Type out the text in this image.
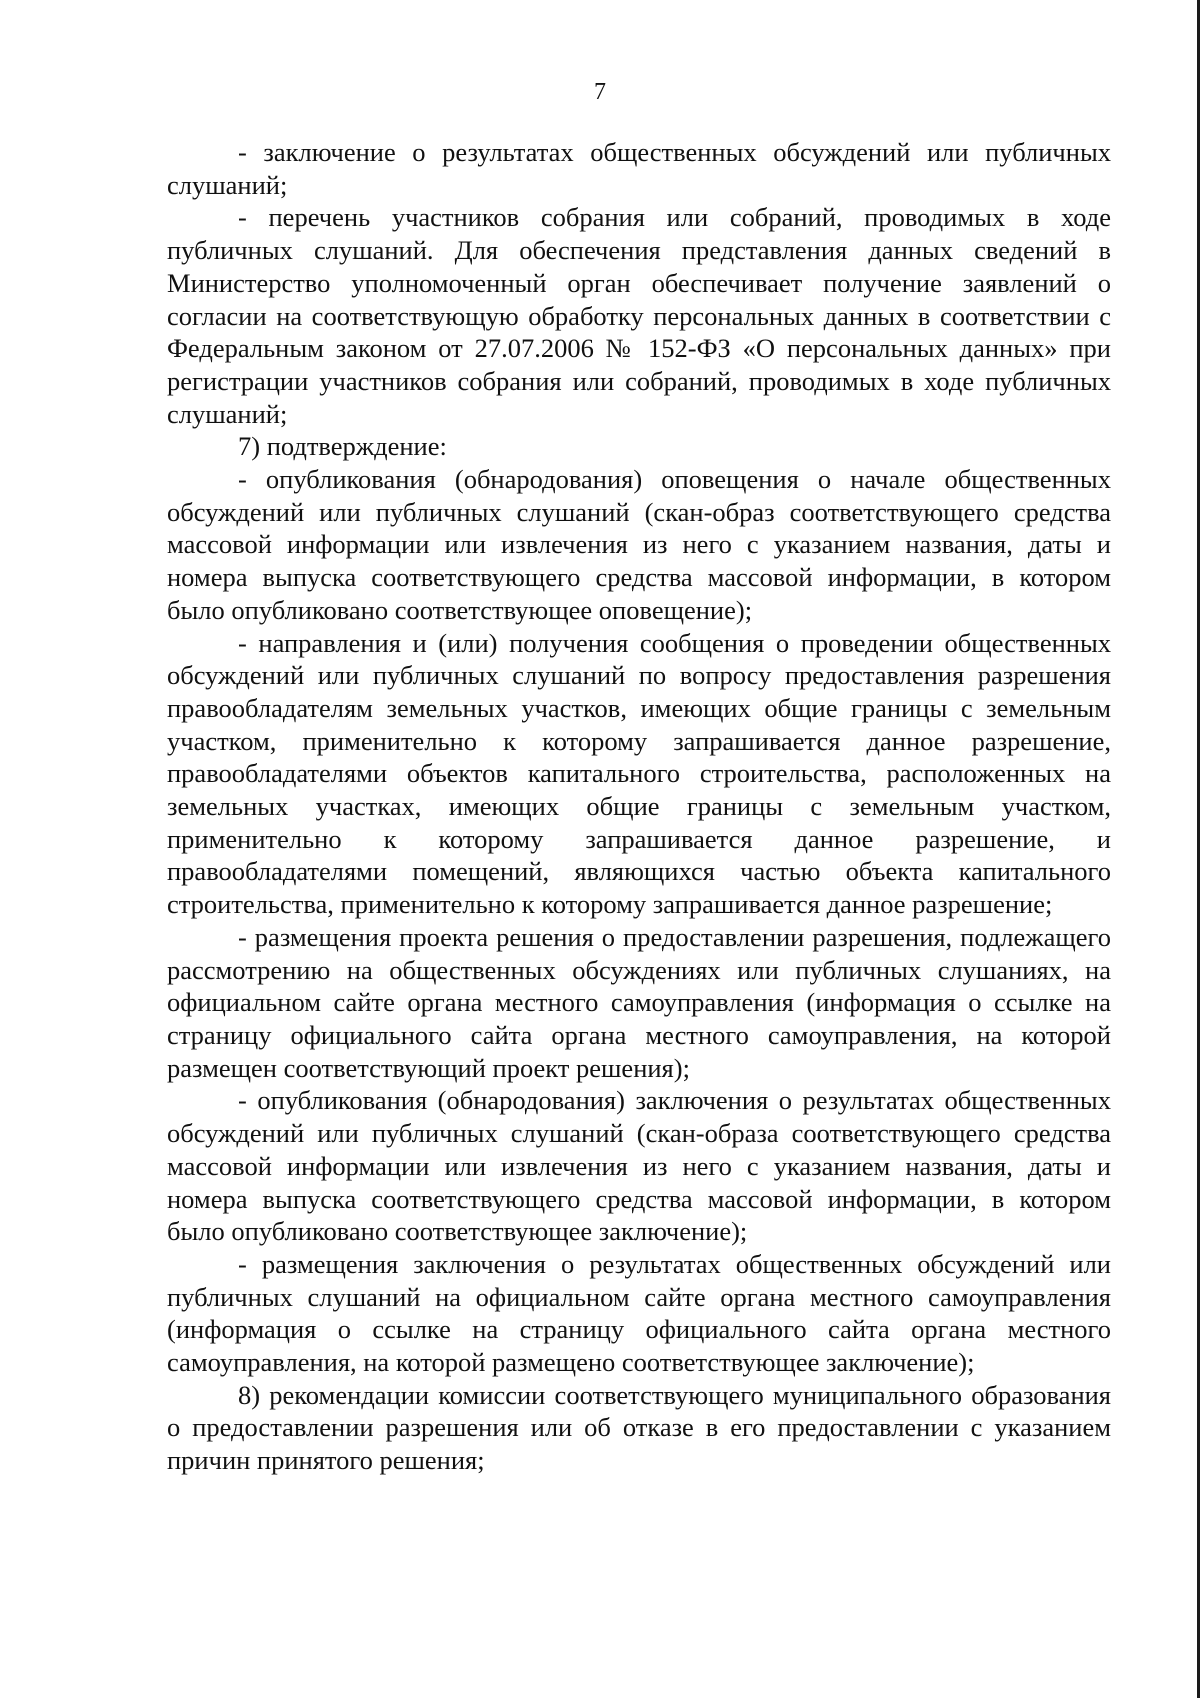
7

- заключение о результатах общественных обсуждений или публичных слушаний;

- перечень участников собрания или собраний, проводимых в ходе публичных слушаний. Для обеспечения представления данных сведений в Министерство уполномоченный орган обеспечивает получение заявлений о согласии на соответствующую обработку персональных данных в соответствии с Федеральным законом от 27.07.2006 № 152-ФЗ «О персональных данных» при регистрации участников собрания или собраний, проводимых в ходе публичных слушаний;

7) подтверждение:

- опубликования (обнародования) оповещения о начале общественных обсуждений или публичных слушаний (скан-образ соответствующего средства массовой информации или извлечения из него с указанием названия, даты и номера выпуска соответствующего средства массовой информации, в котором было опубликовано соответствующее оповещение);

- направления и (или) получения сообщения о проведении общественных обсуждений или публичных слушаний по вопросу предоставления разрешения правообладателям земельных участков, имеющих общие границы с земельным участком, применительно к которому запрашивается данное разрешение, правообладателями объектов капитального строительства, расположенных на земельных участках, имеющих общие границы с земельным участком, применительно к которому запрашивается данное разрешение, и правообладателями помещений, являющихся частью объекта капитального строительства, применительно к которому запрашивается данное разрешение;

- размещения проекта решения о предоставлении разрешения, подлежащего рассмотрению на общественных обсуждениях или публичных слушаниях, на официальном сайте органа местного самоуправления (информация о ссылке на страницу официального сайта органа местного самоуправления, на которой размещен соответствующий проект решения);

- опубликования (обнародования) заключения о результатах общественных обсуждений или публичных слушаний (скан-образа соответствующего средства массовой информации или извлечения из него с указанием названия, даты и номера выпуска соответствующего средства массовой информации, в котором было опубликовано соответствующее заключение);

- размещения заключения о результатах общественных обсуждений или публичных слушаний на официальном сайте органа местного самоуправления (информация о ссылке на страницу официального сайта органа местного самоуправления, на которой размещено соответствующее заключение);

8) рекомендации комиссии соответствующего муниципального образования о предоставлении разрешения или об отказе в его предоставлении с указанием причин принятого решения;
